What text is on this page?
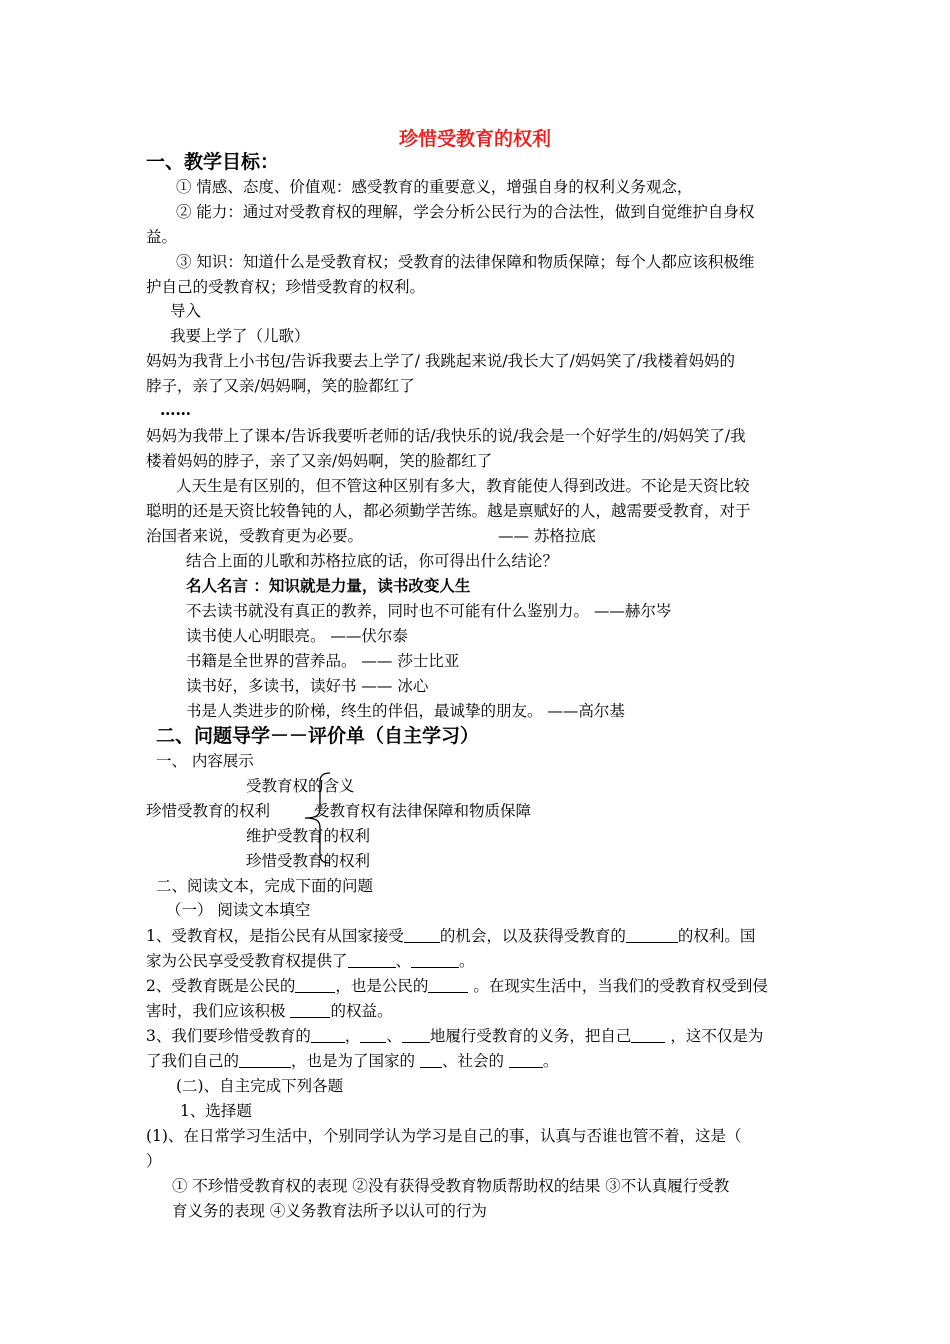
珍惜受教育的权利
一、教学目标：
① 情感、态度、价值观：感受教育的重要意义，增强自身的权利义务观念，
② 能力：通过对受教育权的理解，学会分析公民行为的合法性，做到自觉维护自身权
益。
③ 知识：知道什么是受教育权；受教育的法律保障和物质保障；每个人都应该积极维
护自己的受教育权；珍惜受教育的权利。
导入
我要上学了（儿歌）
妈妈为我背上小书包/告诉我要去上学了/ 我跳起来说/我长大了/妈妈笑了/我楼着妈妈的
脖子，亲了又亲/妈妈啊，笑的脸都红了
……
妈妈为我带上了课本/告诉我要听老师的话/我快乐的说/我会是一个好学生的/妈妈笑了/我
楼着妈妈的脖子，亲了又亲/妈妈啊，笑的脸都红了
人天生是有区别的，但不管这种区别有多大，教育能使人得到改进。不论是天资比较
聪明的还是天资比较鲁钝的人，都必须勤学苦练。越是禀赋好的人，越需要受教育，对于
治国者来说，受教育更为必要。	—— 苏格拉底
结合上面的儿歌和苏格拉底的话，你可得出什么结论？
名人名言 ：知识就是力量，读书改变人生
不去读书就没有真正的教养，同时也不可能有什么鉴别力。 ——赫尔岑
读书使人心明眼亮。 ——伏尔泰
书籍是全世界的营养品。 —— 莎士比亚
读书好，多读书，读好书 —— 冰心
书是人类进步的阶梯，终生的伴侣，最诚挚的朋友。 ——高尔基
二、问题导学－－评价单（自主学习）
一、 内容展示
受教育权的含义
珍惜受教育的权利	受教育权有法律保障和物质保障
维护受教育的权利
珍惜受教育的权利
二、阅读文本，完成下面的问题
（一） 阅读文本填空
1、受教育权，是指公民有从国家接受 的机会，以及获得受教育的	的权利。国
家为公民享受受教育权提供了	、	。
2、受教育既是公民的	，也是公民的	。在现实生活中，当我们的受教育权受到侵
害时，我们应该积极	的权益。
3、我们要珍惜受教育的 ， 、 地履行受教育的义务，把自己 ，这不仅是为
了我们自己的	，也是为了国家的 、社会的 。
(二)、自主完成下列各题
1、选择题
(1)、在日常学习生活中，个别同学认为学习是自己的事，认真与否谁也管不着，这是（
）
① 不珍惜受教育权的表现 ②没有获得受教育物质帮助权的结果 ③不认真履行受教
育义务的表现 ④义务教育法所予以认可的行为
